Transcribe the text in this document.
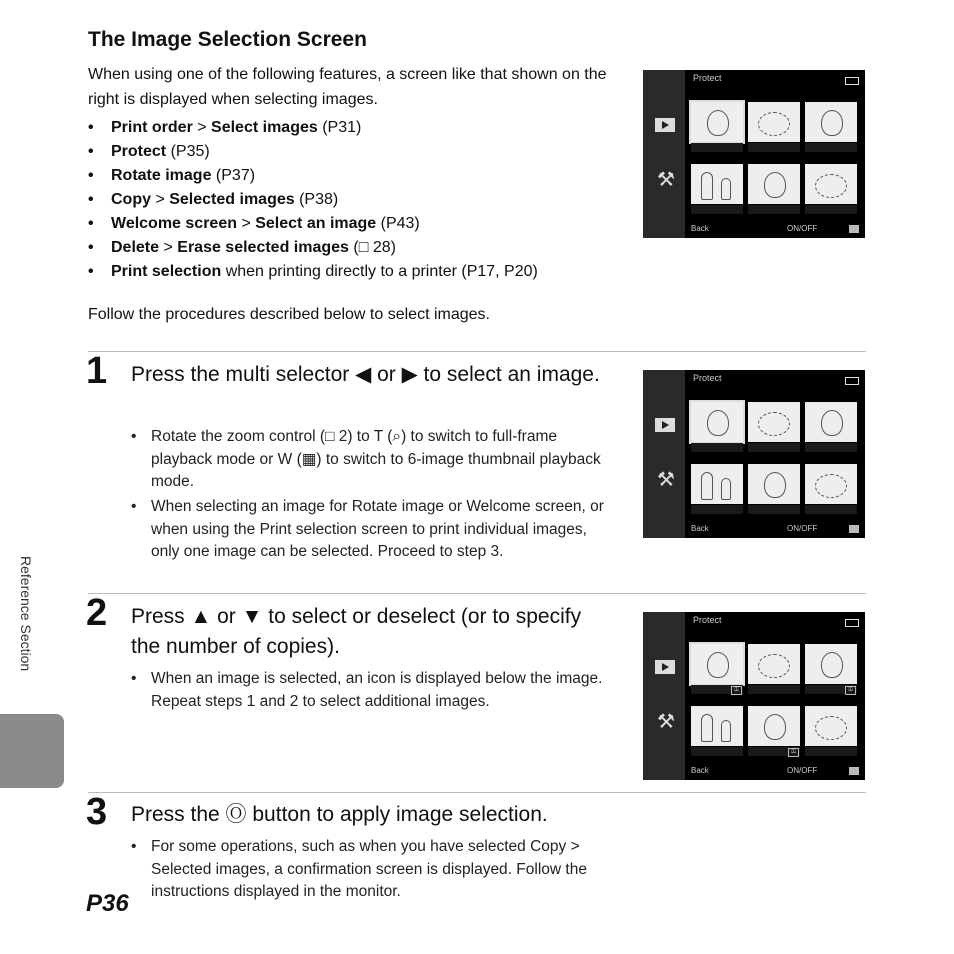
The Image Selection Screen
When using one of the following features, a screen like that shown on the right is displayed when selecting images.
• Print order > Select images (Р31)
• Protect (Р35)
• Rotate image (Р37)
• Copy > Selected images (Р38)
• Welcome screen > Select an image (Р43)
• Delete > Erase selected images (□ 28)
• Print selection when printing directly to a printer (Р17, Р20)
Follow the procedures described below to select images.
1 Press the multi selector ◀ or ▶ to select an image.
• Rotate the zoom control (□ 2) to T (⌕) to switch to full-frame playback mode or W (▦) to switch to 6-image thumbnail playback mode.
• When selecting an image for Rotate image or Welcome screen, or when using the Print selection screen to print individual images, only one image can be selected. Proceed to step 3.
2 Press ▲ or ▼ to select or deselect (or to specify the number of copies).
• When an image is selected, an icon is displayed below the image. Repeat steps 1 and 2 to select additional images.
3 Press the Ⓞ button to apply image selection.
• For some operations, such as when you have selected Copy > Selected images, a confirmation screen is displayed. Follow the instructions displayed in the monitor.
⚒
Protect
Back	ON/OFF
⚒
Protect
Back	ON/OFF
⚒
Protect
⚿	⚿
⚿
Back	ON/OFF
Reference Section
Р36
